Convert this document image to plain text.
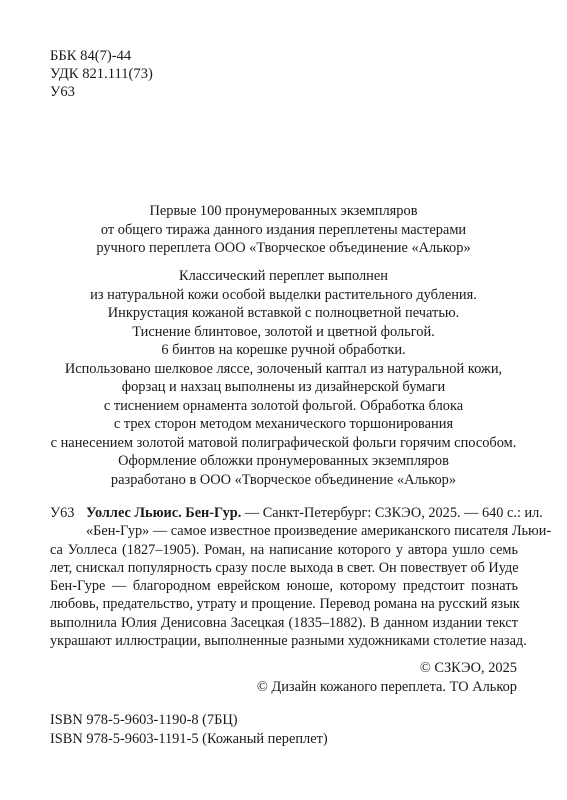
ББК 84(7)-44
УДК 821.111(73)
У63
Первые 100 пронумерованных экземпляров
от общего тиража данного издания переплетены мастерами
ручного переплета ООО «Творческое объединение «Алькор»
Классический переплет выполнен
из натуральной кожи особой выделки растительного дубления.
Инкрустация кожаной вставкой с полноцветной печатью.
Тиснение блинтовое, золотой и цветной фольгой.
6 бинтов на корешке ручной обработки.
Использовано шелковое ляссе, золоченый каптал из натуральной кожи,
форзац и нахзац выполнены из дизайнерской бумаги
с тиснением орнамента золотой фольгой. Обработка блока
с трех сторон методом механического торшонирования
с нанесением золотой матовой полиграфической фольги горячим способом.
Оформление обложки пронумерованных экземпляров
разработано в ООО «Творческое объединение «Алькор»
У63 Уоллес Льюис. Бен-Гур. — Санкт-Петербург: СЗКЭО, 2025. — 640 с.: ил.
«Бен-Гур» — самое известное произведение американского писателя Льюи-
са Уоллеса (1827–1905). Роман, на написание которого у автора ушло семь
лет, снискал популярность сразу после выхода в свет. Он повествует об Иуде
Бен-Гуре — благородном еврейском юноше, которому предстоит познать
любовь, предательство, утрату и прощение. Перевод романа на русский язык
выполнила Юлия Денисовна Засецкая (1835–1882). В данном издании текст
украшают иллюстрации, выполненные разными художниками столетие назад.
© СЗКЭО, 2025
© Дизайн кожаного переплета. ТО Алькор
ISBN 978-5-9603-1190-8 (7БЦ)
ISBN 978-5-9603-1191-5 (Кожаный переплет)
